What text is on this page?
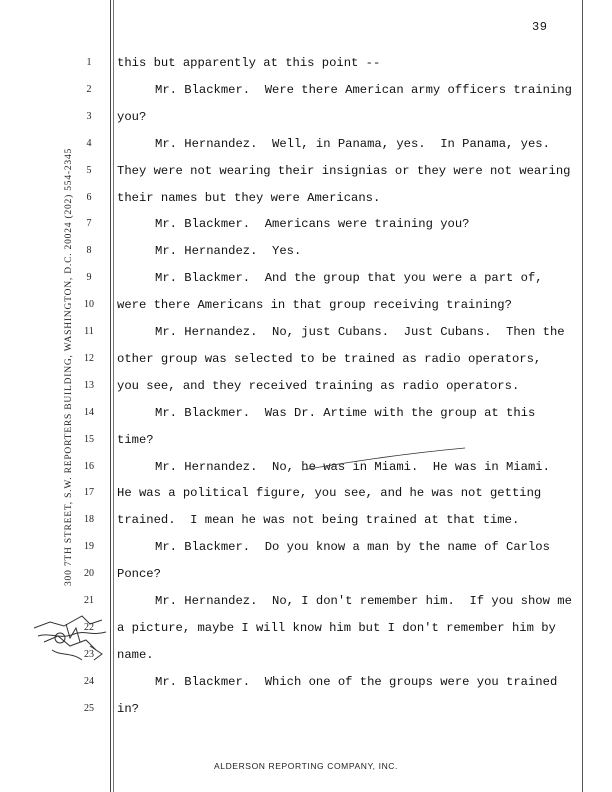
39
300 7TH STREET, S.W. REPORTERS BUILDING, WASHINGTON, D.C. 20024 (202) 554-2345
1	this but apparently at this point --
2	Mr. Blackmer.  Were there American army officers training
3	you?
4	Mr. Hernandez.  Well, in Panama, yes.  In Panama, yes.
5	They were not wearing their insignias or they were not wearing
6	their names but they were Americans.
7	Mr. Blackmer.  Americans were training you?
8	Mr. Hernandez.  Yes.
9	Mr. Blackmer.  And the group that you were a part of,
10	were there Americans in that group receiving training?
11	Mr. Hernandez.  No, just Cubans.  Just Cubans.  Then the
12	other group was selected to be trained as radio operators,
13	you see, and they received training as radio operators.
14	Mr. Blackmer.  Was Dr. Artime with the group at this
15	time?
16	Mr. Hernandez.  No, he was in Miami.  He was in Miami.
17	He was a political figure, you see, and he was not getting
18	trained.  I mean he was not being trained at that time.
19	Mr. Blackmer.  Do you know a man by the name of Carlos
20	Ponce?
21	Mr. Hernandez.  No, I don't remember him.  If you show me
22	a picture, maybe I will know him but I don't remember him by
23	name.
24	Mr. Blackmer.  Which one of the groups were you trained
25	in?
ALDERSON REPORTING COMPANY, INC.
